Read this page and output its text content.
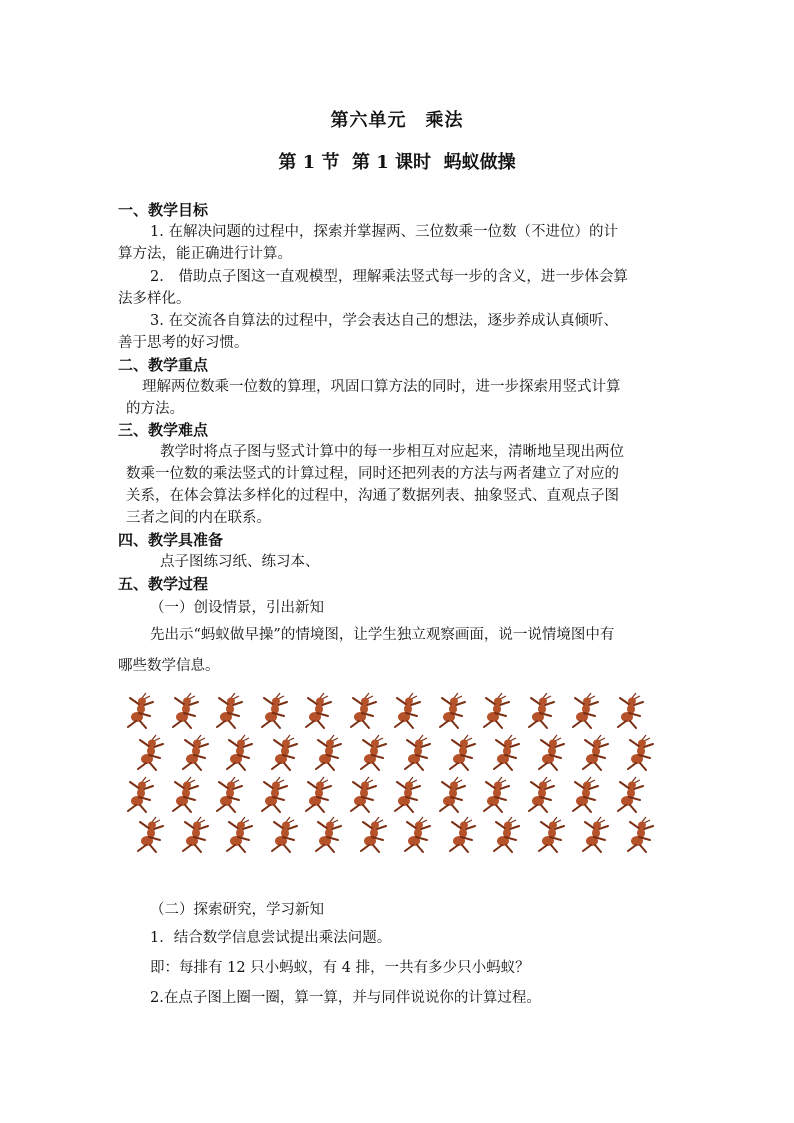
第六单元　乘法
第 1 节  第 1 课时  蚂蚁做操
一、教学目标
1. 在解决问题的过程中，探索并掌握两、三位数乘一位数（不进位）的计
算方法，能正确进行计算。
2.　借助点子图这一直观模型，理解乘法竖式每一步的含义，进一步体会算
法多样化。
3. 在交流各自算法的过程中，学会表达自己的想法，逐步养成认真倾听、
善于思考的好习惯。
二、教学重点
理解两位数乘一位数的算理，巩固口算方法的同时，进一步探索用竖式计算
的方法。
三、教学难点
教学时将点子图与竖式计算中的每一步相互对应起来，清晰地呈现出两位
数乘一位数的乘法竖式的计算过程，同时还把列表的方法与两者建立了对应的
关系，在体会算法多样化的过程中，沟通了数据列表、抽象竖式、直观点子图
三者之间的内在联系。
四、教学具准备
点子图练习纸、练习本、
五、教学过程
（一）创设情景，引出新知
先出示“蚂蚁做早操”的情境图，让学生独立观察画面，说一说情境图中有
哪些数学信息。
（二）探索研究，学习新知
1．结合数学信息尝试提出乘法问题。
即：每排有 12 只小蚂蚁，有 4 排，一共有多少只小蚂蚁？
2.在点子图上圈一圈，算一算，并与同伴说说你的计算过程。
